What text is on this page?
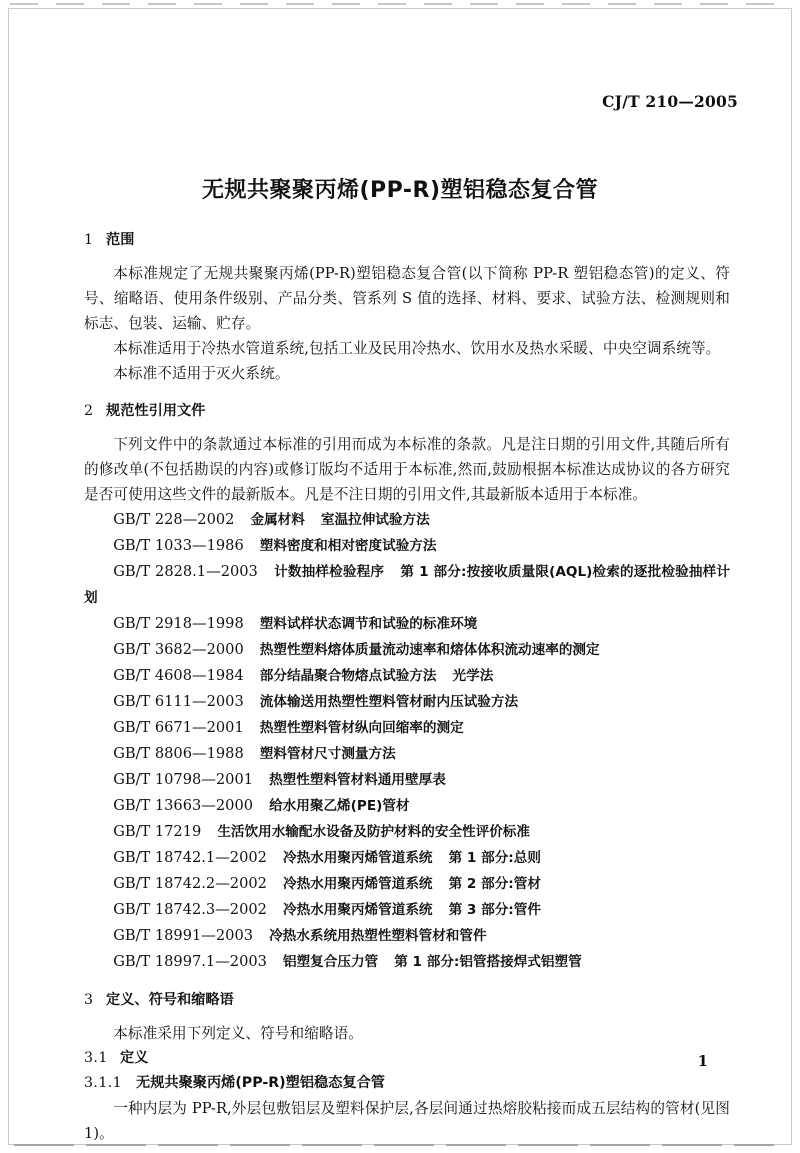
CJ/T 210—2005
无规共聚聚丙烯(PP-R)塑铝稳态复合管
1 范围

本标准规定了无规共聚聚丙烯(PP-R)塑铝稳态复合管(以下简称 PP-R 塑铝稳态管)的定义、符号、缩略语、使用条件级别、产品分类、管系列 S 值的选择、材料、要求、试验方法、检测规则和标志、包装、运输、贮存。

本标准适用于冷热水管道系统,包括工业及民用冷热水、饮用水及热水采暖、中央空调系统等。

本标准不适用于灭火系统。

2 规范性引用文件

下列文件中的条款通过本标准的引用而成为本标准的条款。凡是注日期的引用文件,其随后所有的修改单(不包括勘误的内容)或修订版均不适用于本标准,然而,鼓励根据本标准达成协议的各方研究是否可使用这些文件的最新版本。凡是不注日期的引用文件,其最新版本适用于本标准。

GB/T 228—2002 金属材料 室温拉伸试验方法
GB/T 1033—1986 塑料密度和相对密度试验方法
GB/T 2828.1—2003 计数抽样检验程序 第 1 部分:按接收质量限(AQL)检索的逐批检验抽样计划
GB/T 2918—1998 塑料试样状态调节和试验的标准环境
GB/T 3682—2000 热塑性塑料熔体质量流动速率和熔体体积流动速率的测定
GB/T 4608—1984 部分结晶聚合物熔点试验方法 光学法
GB/T 6111—2003 流体输送用热塑性塑料管材耐内压试验方法
GB/T 6671—2001 热塑性塑料管材纵向回缩率的测定
GB/T 8806—1988 塑料管材尺寸测量方法
GB/T 10798—2001 热塑性塑料管材料通用壁厚表
GB/T 13663—2000 给水用聚乙烯(PE)管材
GB/T 17219 生活饮用水输配水设备及防护材料的安全性评价标准
GB/T 18742.1—2002 冷热水用聚丙烯管道系统 第 1 部分:总则
GB/T 18742.2—2002 冷热水用聚丙烯管道系统 第 2 部分:管材
GB/T 18742.3—2002 冷热水用聚丙烯管道系统 第 3 部分:管件
GB/T 18991—2003 冷热水系统用热塑性塑料管材和管件
GB/T 18997.1—2003 铝塑复合压力管 第 1 部分:铝管搭接焊式铝塑管
3 定义、符号和缩略语

本标准采用下列定义、符号和缩略语。

3.1 定义
3.1.1 无规共聚聚丙烯(PP-R)塑铝稳态复合管

一种内层为 PP-R,外层包敷铝层及塑料保护层,各层间通过热熔胶粘接而成五层结构的管材(见图 1)。

1
